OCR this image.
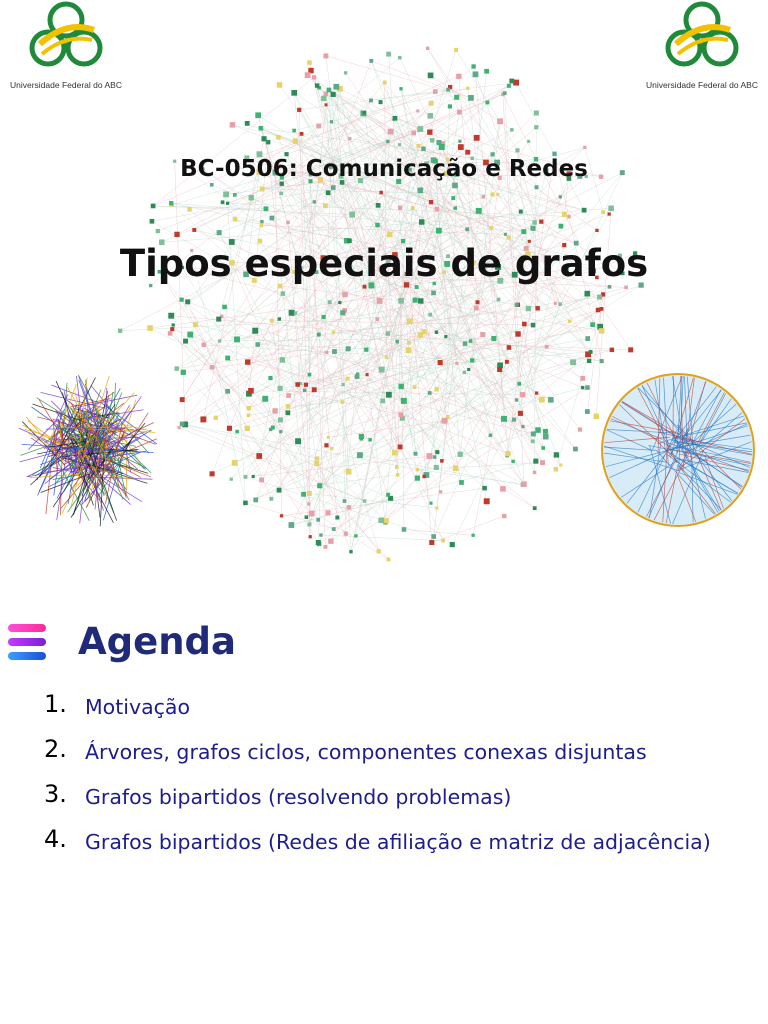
Universidade Federal do ABC	Universidade Federal do ABC
BC-0506: Comunicação e Redes
Tipos especiais de grafos
Agenda
1. Motivação
2. Árvores, grafos ciclos, componentes conexas disjuntas
3. Grafos bipartidos (resolvendo problemas)
4. Grafos bipartidos (Redes de afiliação e matriz de adjacência)
